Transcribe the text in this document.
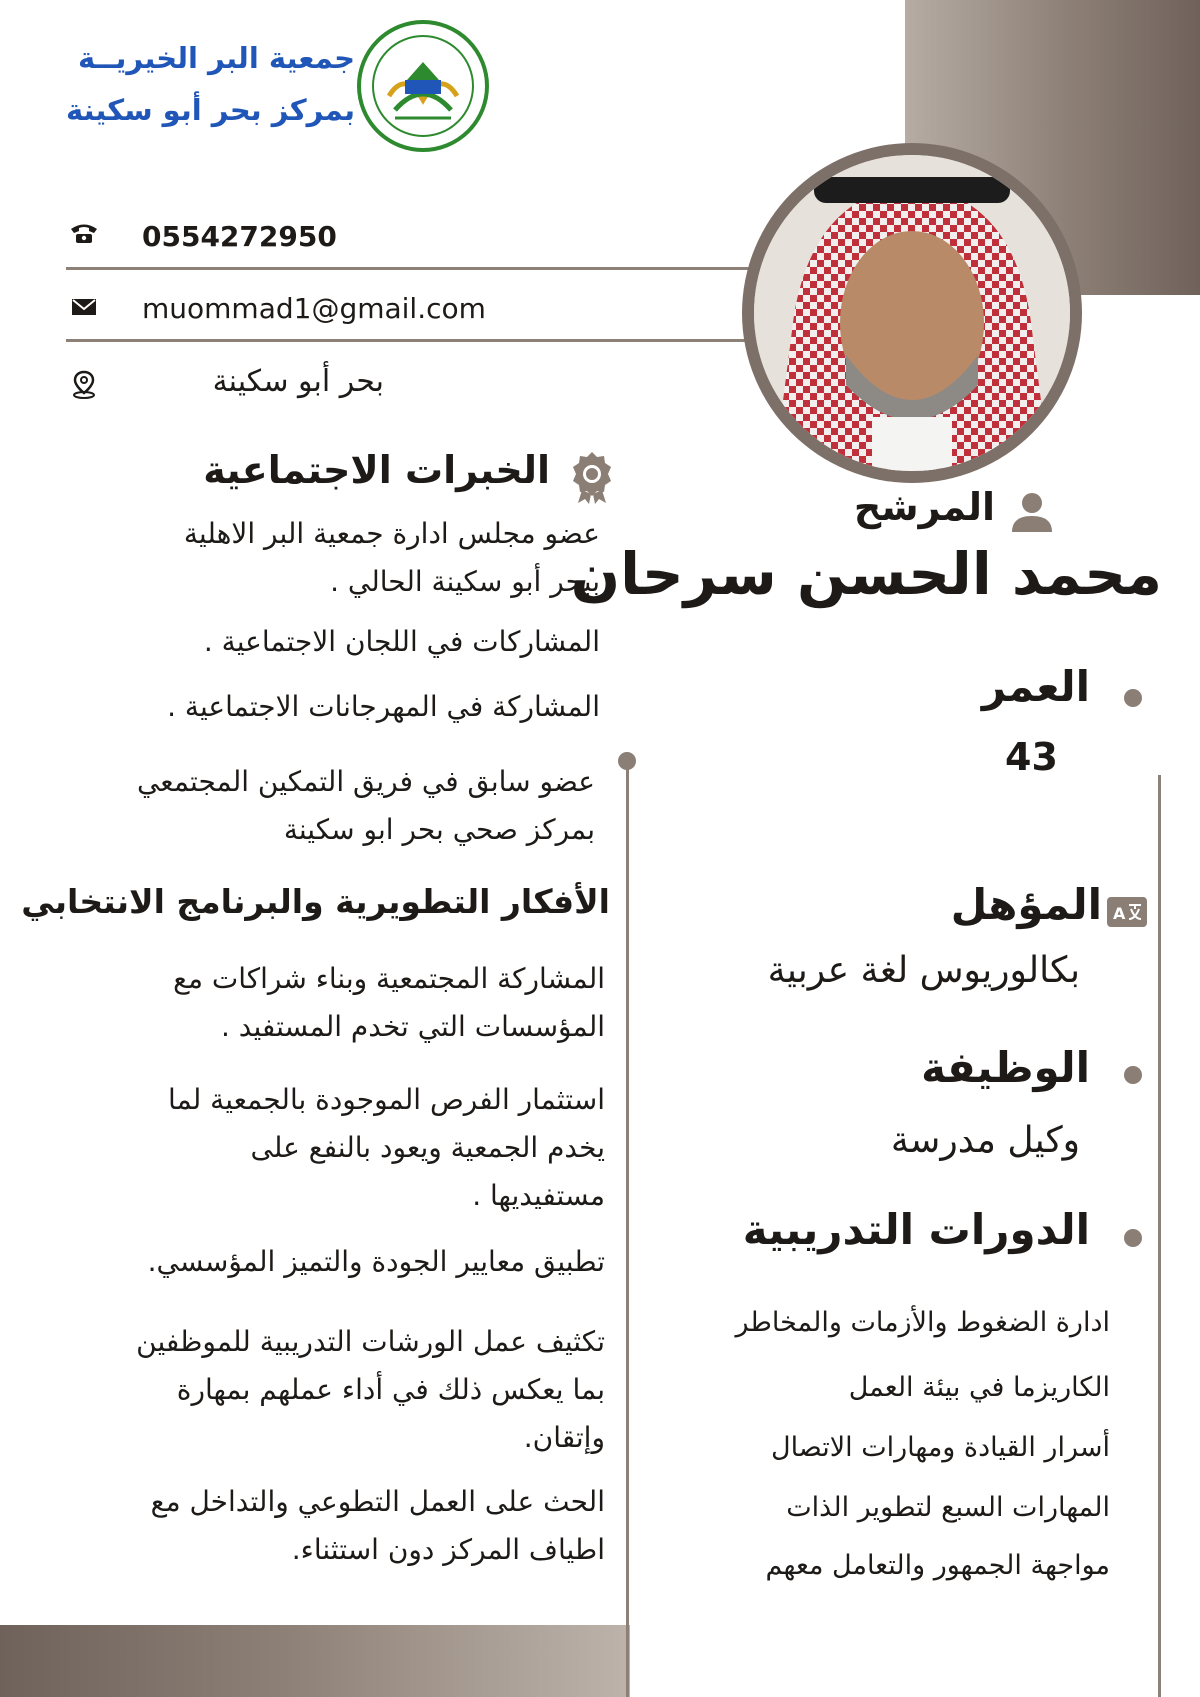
جمعية البر الخيريــة
بمركز بحر أبو سكينة
0554272950
muommad1@gmail.com
بحر أبو سكينة
المرشح
محمد الحسن سرحان
العمر
43
A
المؤهل
بكالوريوس لغة عربية
الوظيفة
وكيل مدرسة
الدورات التدريبية
ادارة الضغوط والأزمات والمخاطر
الكاريزما في بيئة العمل
أسرار القيادة ومهارات الاتصال
المهارات السبع لتطوير الذات
مواجهة الجمهور والتعامل معهم
الخبرات الاجتماعية
عضو مجلس ادارة جمعية البر الاهلية
ببحر أبو سكينة الحالي .
المشاركات في اللجان الاجتماعية .
المشاركة في المهرجانات الاجتماعية .
عضو سابق في فريق التمكين المجتمعي
بمركز صحي بحر ابو سكينة
الأفكار التطويرية والبرنامج الانتخابي
المشاركة المجتمعية وبناء شراكات مع
المؤسسات التي تخدم المستفيد .
استثمار الفرص الموجودة بالجمعية لما
يخدم الجمعية ويعود بالنفع على
مستفيديها .
تطبيق معايير الجودة والتميز المؤسسي.
تكثيف عمل الورشات التدريبية للموظفين
بما يعكس ذلك في أداء عملهم بمهارة
وإتقان.
الحث على العمل التطوعي والتداخل مع
اطياف المركز دون استثناء.
